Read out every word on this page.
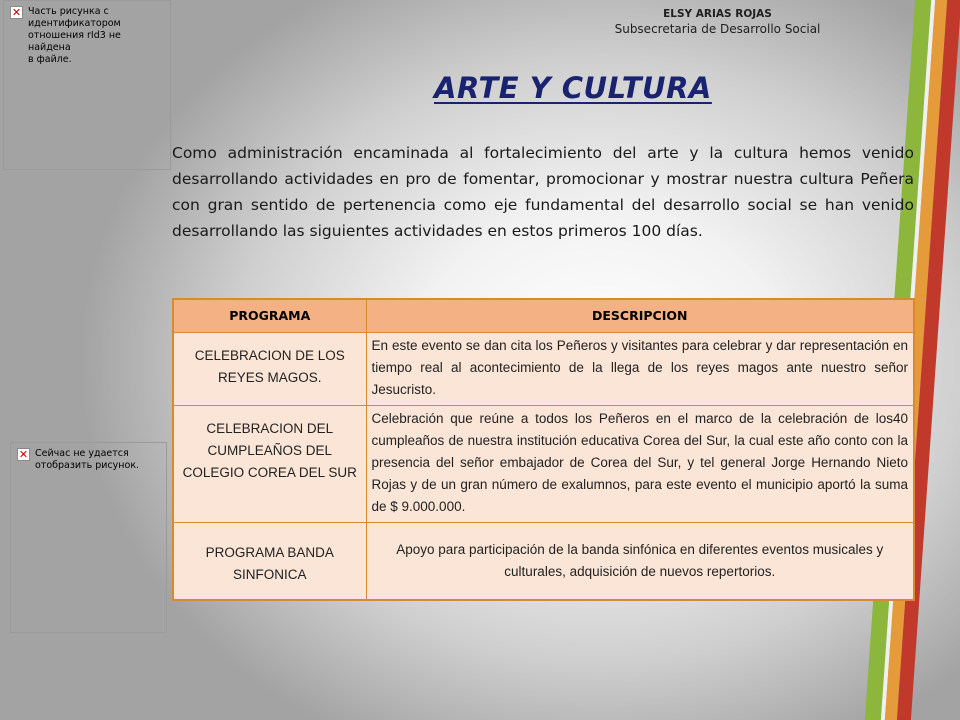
✕ Часть рисунка с
идентификатором
отношения rId3 не найдена
в файле.
✕ Сейчас не удается
отобразить рисунок.
ELSY ARIAS ROJAS
Subsecretaria de Desarrollo Social
ARTE Y CULTURA

Como administración encaminada al fortalecimiento del arte y la cultura hemos venido desarrollando actividades en pro de fomentar, promocionar y mostrar nuestra cultura Peñera con gran sentido de pertenencia como eje fundamental del desarrollo social se han venido desarrollando las siguientes actividades en estos primeros 100 días.

PROGRAMA	DESCRIPCION
CELEBRACION DE LOS REYES MAGOS.	En este evento se dan cita los Peñeros y visitantes para celebrar y dar representación en tiempo real al acontecimiento de la llega de los reyes magos ante nuestro señor Jesucristo.
CELEBRACION DEL CUMPLEAÑOS DEL COLEGIO COREA DEL SUR	Celebración que reúne a todos los Peñeros en el marco de la celebración de los40 cumpleaños de nuestra institución educativa Corea del Sur, la cual este año conto con la presencia del señor embajador de Corea del Sur, y tel general Jorge Hernando Nieto Rojas y de un gran número de exalumnos, para este evento el municipio aportó la suma de $ 9.000.000.
PROGRAMA BANDA SINFONICA	Apoyo para participación de la banda sinfónica en diferentes eventos musicales y culturales, adquisición de nuevos repertorios.
